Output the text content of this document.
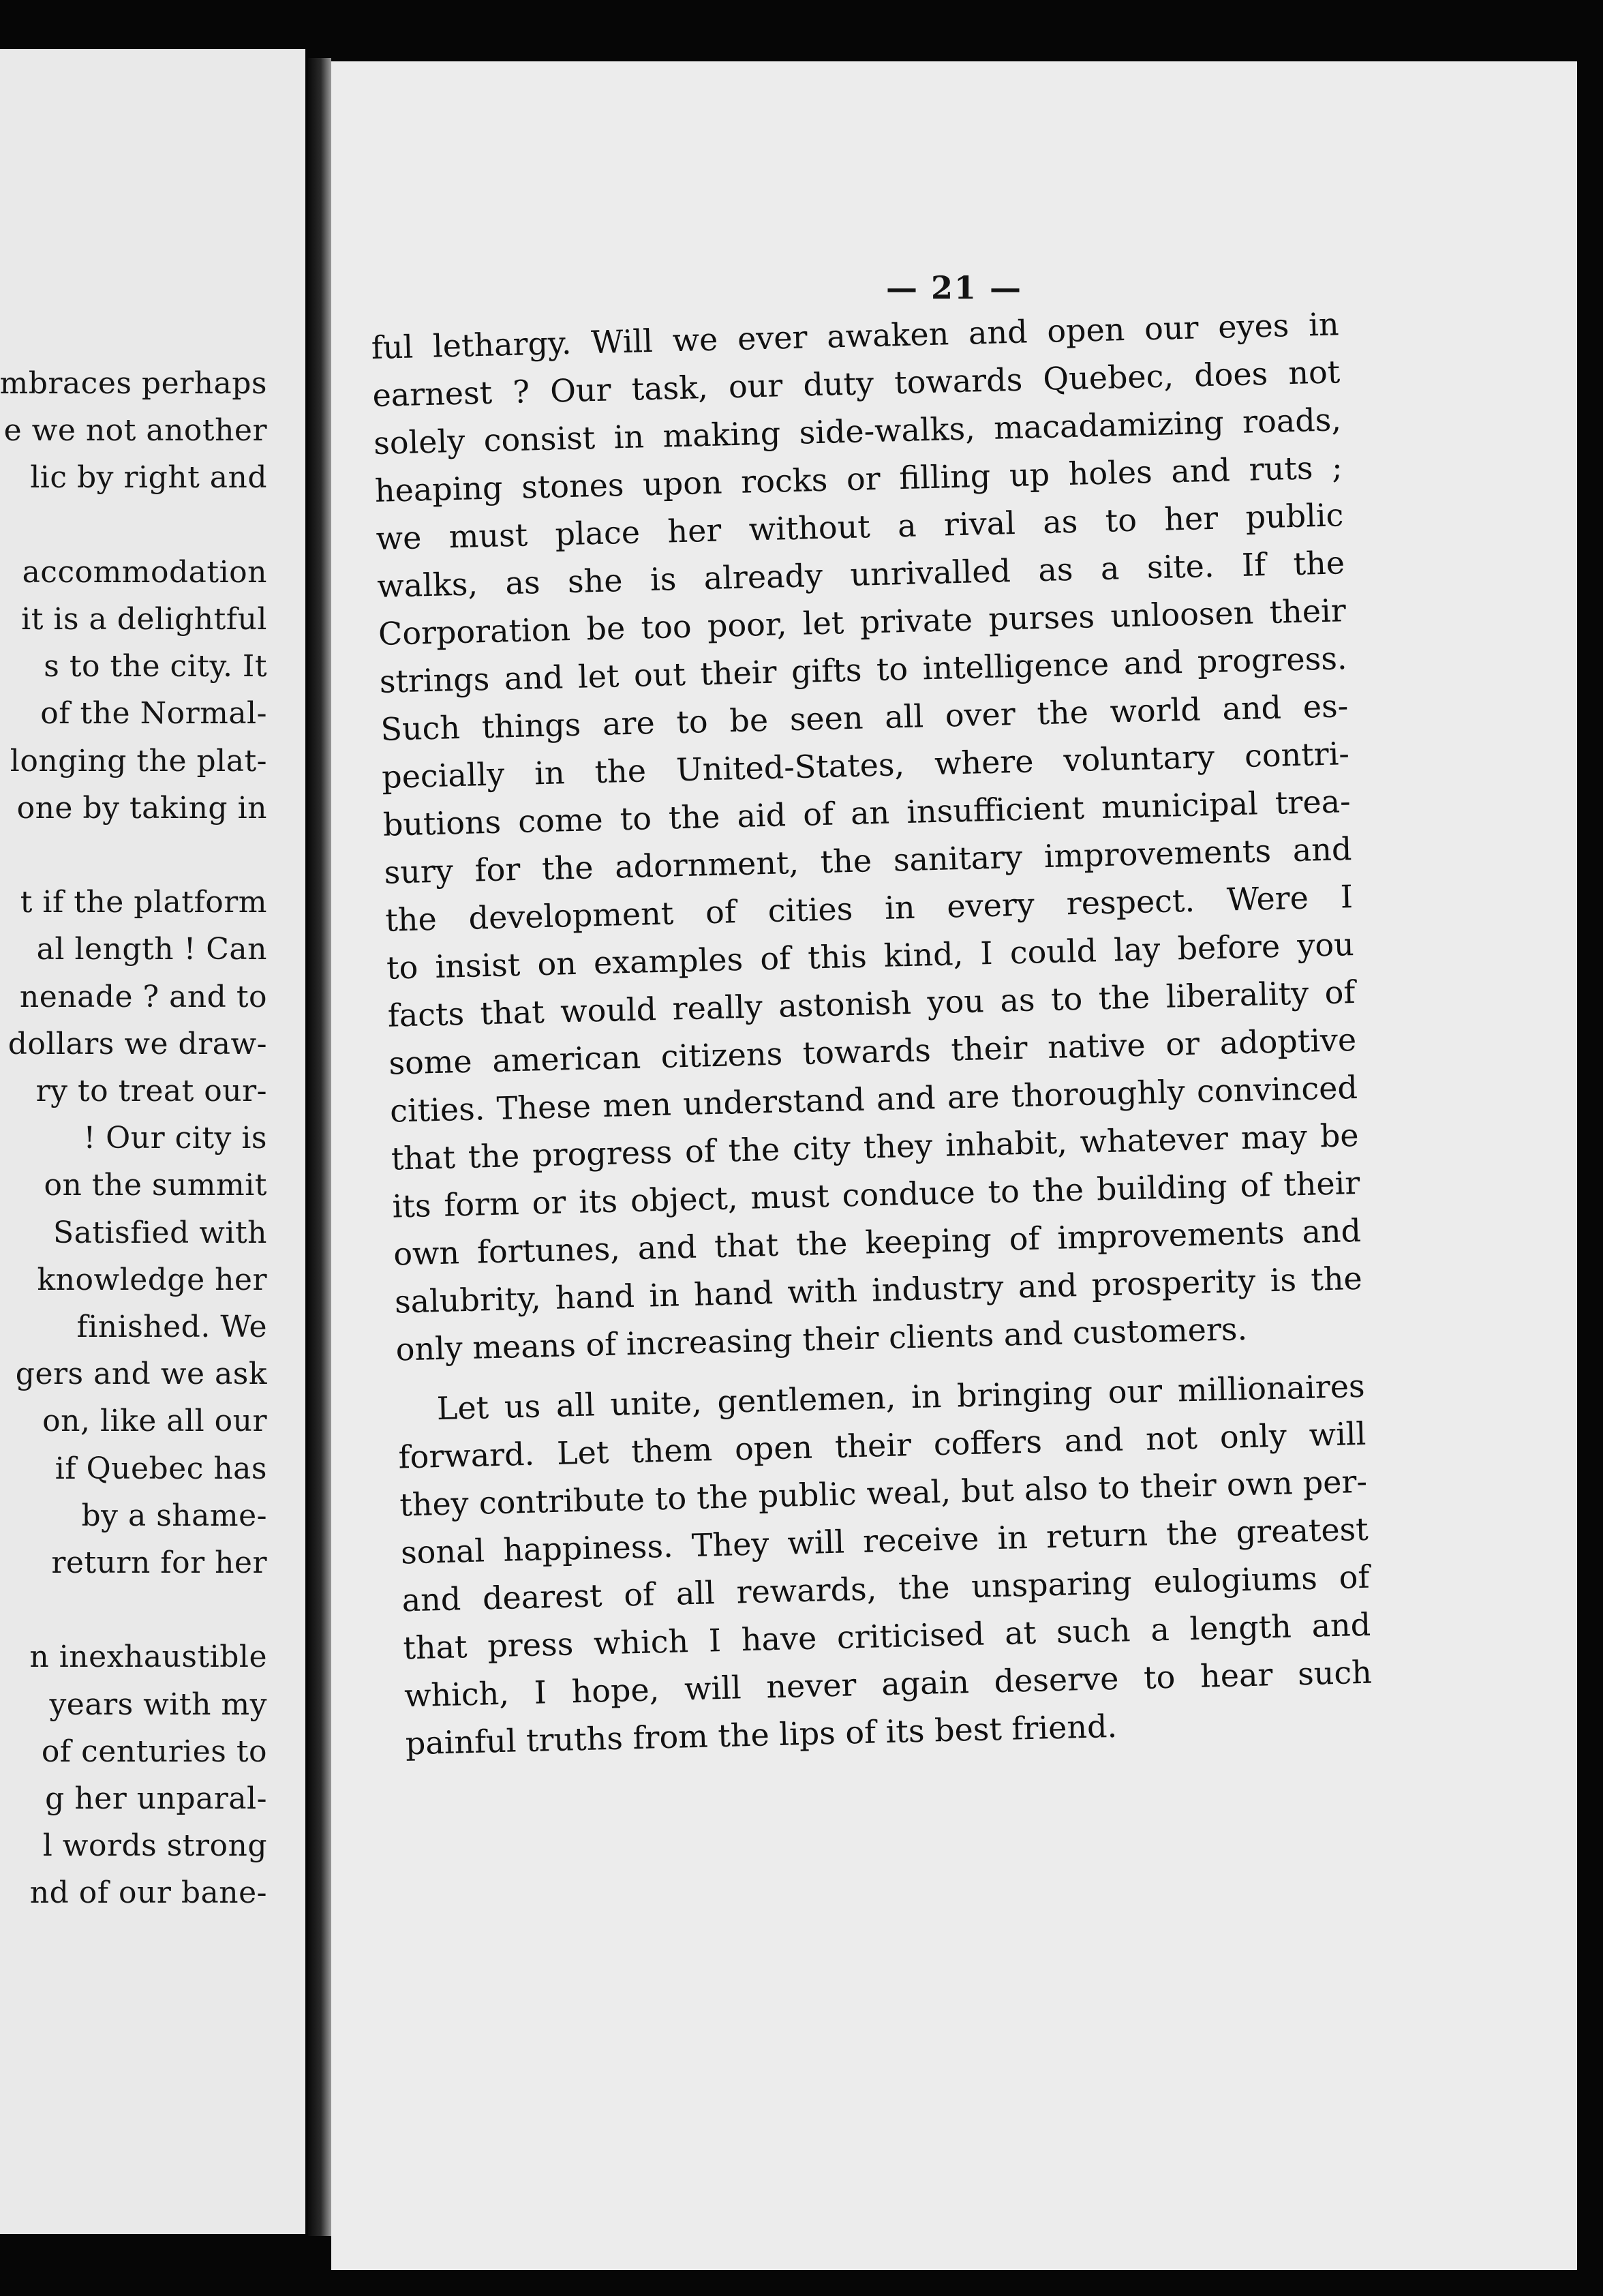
mbraces perhaps
e we not another
lic by right and
accommodation
it is a delightful
s to the city. It
of the Normal-
longing the plat-
one by taking in
t if the platform
al length ! Can
nenade ? and to
dollars we draw-
ry to treat our-
! Our city is
on the summit
Satisfied with
knowledge her
finished. We
gers and we ask
on, like all our
if Quebec has
by a shame-
return for her
n inexhaustible
years with my
of centuries to
g her unparal-
l words strong
nd of our bane-
— 21 —
ful lethargy. Will we ever awaken and open our eyes in
earnest ? Our task, our duty towards Quebec, does not
solely consist in making side-walks, macadamizing roads,
heaping stones upon rocks or filling up holes and ruts ;
we must place her without a rival as to her public
walks, as she is already unrivalled as a site. If the
Corporation be too poor, let private purses unloosen their
strings and let out their gifts to intelligence and progress.
Such things are to be seen all over the world and es-
pecially in the United-States, where voluntary contri-
butions come to the aid of an insufficient municipal trea-
sury for the adornment, the sanitary improvements and
the development of cities in every respect. Were I
to insist on examples of this kind, I could lay before you
facts that would really astonish you as to the liberality of
some american citizens towards their native or adoptive
cities. These men understand and are thoroughly convinced
that the progress of the city they inhabit, whatever may be
its form or its object, must conduce to the building of their
own fortunes, and that the keeping of improvements and
salubrity, hand in hand with industry and prosperity is the
only means of increasing their clients and customers.
Let us all unite, gentlemen, in bringing our millionaires
forward. Let them open their coffers and not only will
they contribute to the public weal, but also to their own per-
sonal happiness. They will receive in return the greatest
and dearest of all rewards, the unsparing eulogiums of
that press which I have criticised at such a length and
which, I hope, will never again deserve to hear such
painful truths from the lips of its best friend.
